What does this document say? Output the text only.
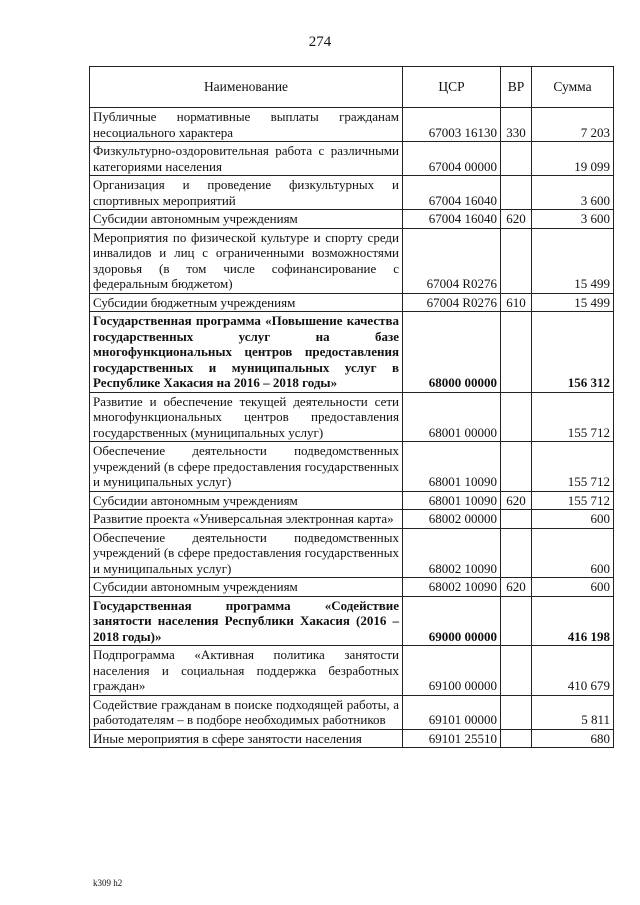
274
Наименование	ЦСР	ВР	Сумма
Публичные нормативные выплаты гражданам несоциального характера	67003 16130	330	7 203
Физкультурно-оздоровительная работа с различными категориями населения	67004 00000		19 099
Организация и проведение физкультурных и спортивных мероприятий	67004 16040		3 600
Субсидии автономным учреждениям	67004 16040	620	3 600
Мероприятия по физической культуре и спорту среди инвалидов и лиц с ограниченными возможностями здоровья (в том числе софинансирование с федеральным бюджетом)	67004 R0276		15 499
Субсидии бюджетным учреждениям	67004 R0276	610	15 499
Государственная программа «Повышение качества государственных услуг на базе многофункциональных центров предоставления государственных и муниципальных услуг в Республике Хакасия на 2016 – 2018 годы»	68000 00000		156 312
Развитие и обеспечение текущей деятельности сети многофункциональных центров предоставления государственных (муниципальных услуг)	68001 00000		155 712
Обеспечение деятельности подведомственных учреждений (в сфере предоставления государственных и муниципальных услуг)	68001 10090		155 712
Субсидии автономным учреждениям	68001 10090	620	155 712
Развитие проекта «Универсальная электронная карта»	68002 00000		600
Обеспечение деятельности подведомственных учреждений (в сфере предоставления государственных и муниципальных услуг)	68002 10090		600
Субсидии автономным учреждениям	68002 10090	620	600
Государственная программа «Содействие занятости населения Республики Хакасия (2016 – 2018 годы)»	69000 00000		416 198
Подпрограмма «Активная политика занятости населения и социальная поддержка безработных граждан»	69100 00000		410 679
Содействие гражданам в поиске подходящей работы, а работодателям – в подборе необходимых работников	69101 00000		5 811
Иные мероприятия в сфере занятости населения	69101 25510		680
k309 h2
